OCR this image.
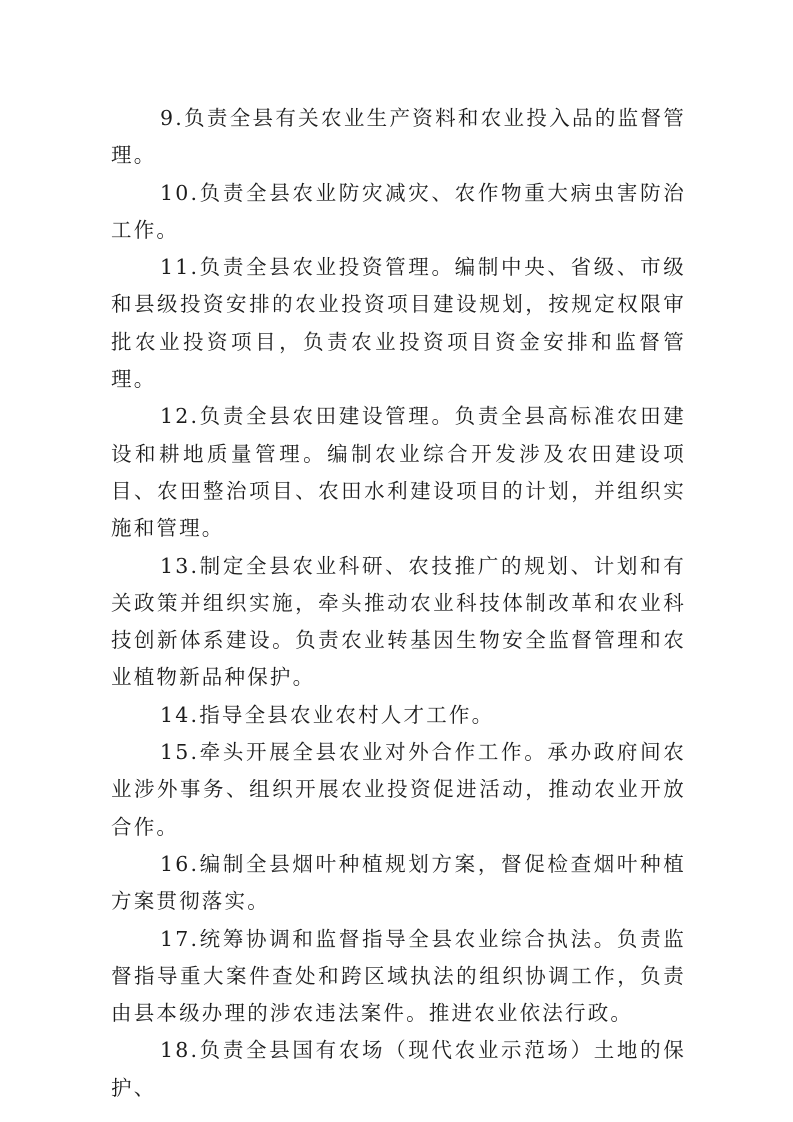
9.负责全县有关农业生产资料和农业投入品的监督管理。

10.负责全县农业防灾减灾、农作物重大病虫害防治工作。

11.负责全县农业投资管理。编制中央、省级、市级和县级投资安排的农业投资项目建设规划，按规定权限审批农业投资项目，负责农业投资项目资金安排和监督管理。

12.负责全县农田建设管理。负责全县高标准农田建设和耕地质量管理。编制农业综合开发涉及农田建设项目、农田整治项目、农田水利建设项目的计划，并组织实施和管理。

13.制定全县农业科研、农技推广的规划、计划和有关政策并组织实施，牵头推动农业科技体制改革和农业科技创新体系建设。负责农业转基因生物安全监督管理和农业植物新品种保护。

14.指导全县农业农村人才工作。

15.牵头开展全县农业对外合作工作。承办政府间农业涉外事务、组织开展农业投资促进活动，推动农业开放合作。

16.编制全县烟叶种植规划方案，督促检查烟叶种植方案贯彻落实。

17.统筹协调和监督指导全县农业综合执法。负责监督指导重大案件查处和跨区域执法的组织协调工作，负责由县本级办理的涉农违法案件。推进农业依法行政。

18.负责全县国有农场（现代农业示范场）土地的保护、
